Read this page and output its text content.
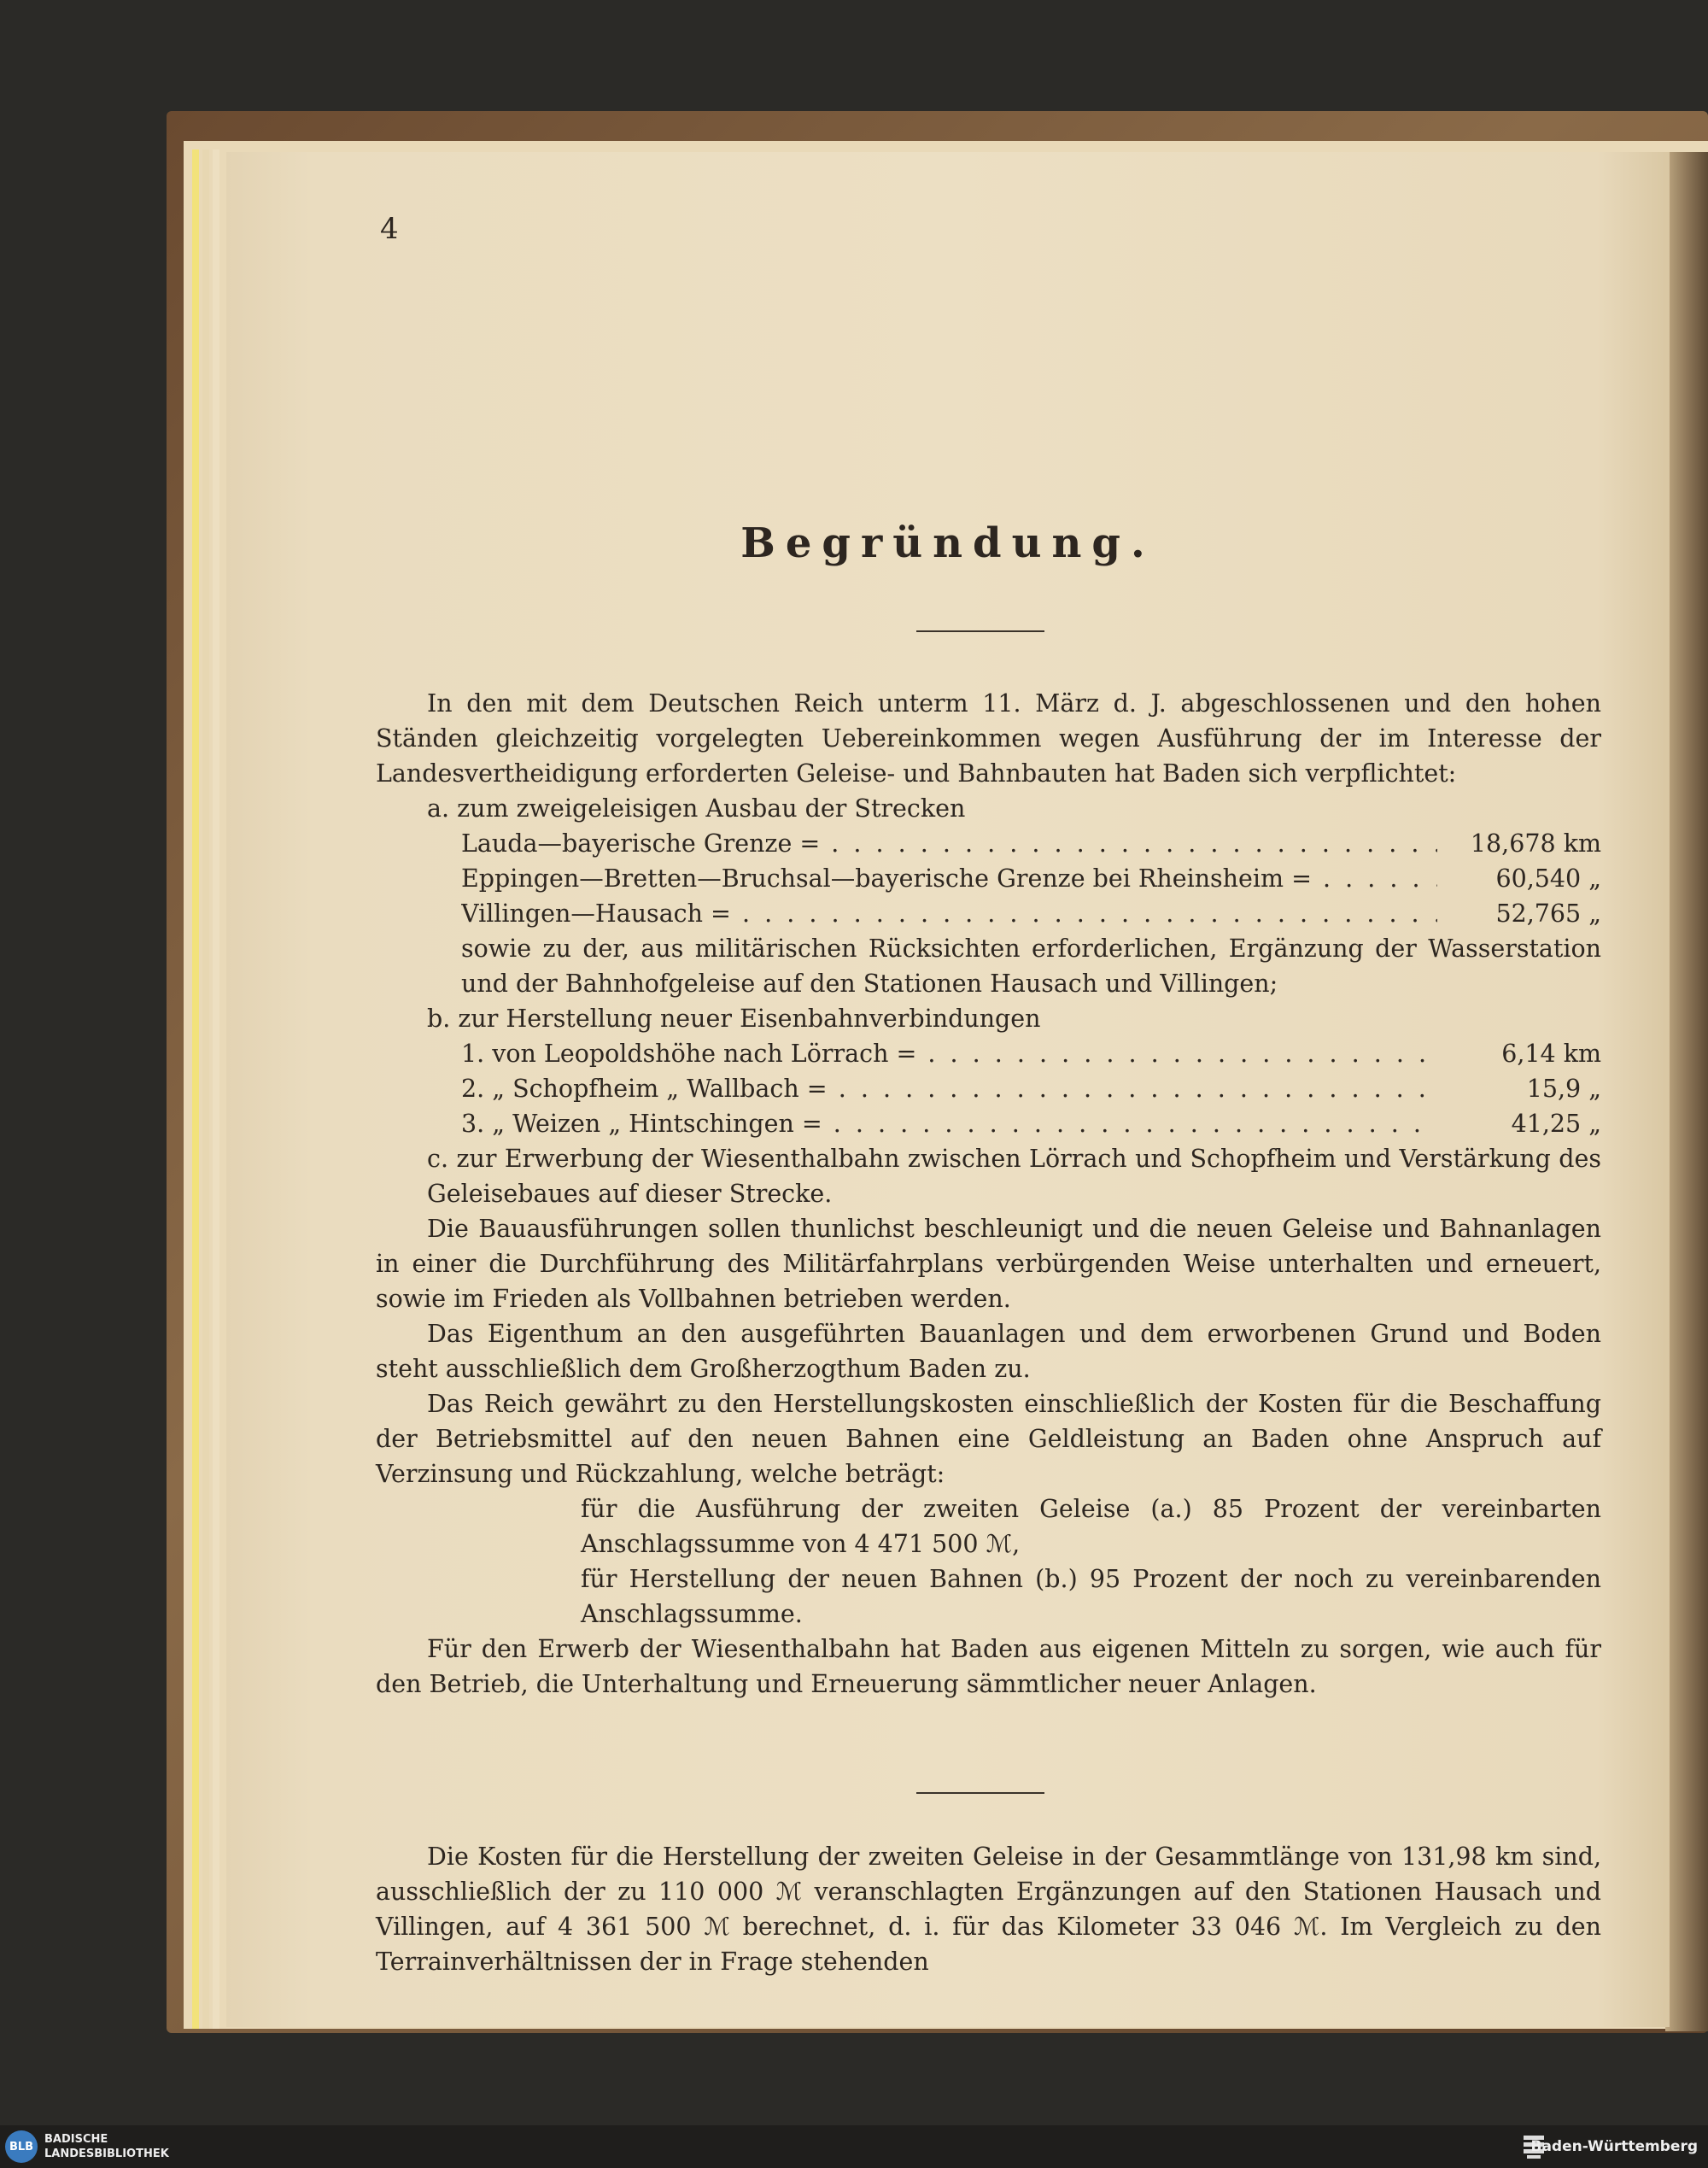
4
Begründung.

In den mit dem Deutschen Reich unterm 11. März d. J. abgeschlossenen und den hohen Ständen gleichzeitig vorgelegten Uebereinkommen wegen Ausführung der im Interesse der Landesvertheidigung erforderten Geleise- und Bahnbauten hat Baden sich verpflichtet:

a. zum zweigeleisigen Ausbau der Strecken

Lauda—bayerische Grenze = . . .	18,678 km
Eppingen—Bretten—Bruchsal—bayerische Grenze bei Rheinsheim = . . .	60,540 „
Villingen—Hausach = . . .	52,765 „

sowie zu der, aus militärischen Rücksichten erforderlichen, Ergänzung der Wasserstation und der Bahnhofgeleise auf den Stationen Hausach und Villingen;

b. zur Herstellung neuer Eisenbahnverbindungen

1. von Leopoldshöhe nach Lörrach = . . .	6,14 km
2. „ Schopfheim „ Wallbach = . . .	15,9 „
3. „ Weizen „ Hintschingen = . . .	41,25 „

c. zur Erwerbung der Wiesenthalbahn zwischen Lörrach und Schopfheim und Verstärkung des Geleisebaues auf dieser Strecke.

Die Bauausführungen sollen thunlichst beschleunigt und die neuen Geleise und Bahnanlagen in einer die Durchführung des Militärfahrplans verbürgenden Weise unterhalten und erneuert, sowie im Frieden als Vollbahnen betrieben werden.

Das Eigenthum an den ausgeführten Bauanlagen und dem erworbenen Grund und Boden steht ausschließlich dem Großherzogthum Baden zu.

Das Reich gewährt zu den Herstellungskosten einschließlich der Kosten für die Beschaffung der Betriebsmittel auf den neuen Bahnen eine Geldleistung an Baden ohne Anspruch auf Verzinsung und Rückzahlung, welche beträgt:

für die Ausführung der zweiten Geleise (a.) 85 Prozent der vereinbarten Anschlagssumme von 4 471 500 ℳ,

für Herstellung der neuen Bahnen (b.) 95 Prozent der noch zu vereinbarenden Anschlagssumme.

Für den Erwerb der Wiesenthalbahn hat Baden aus eigenen Mitteln zu sorgen, wie auch für den Betrieb, die Unterhaltung und Erneuerung sämmtlicher neuer Anlagen.

Die Kosten für die Herstellung der zweiten Geleise in der Gesammtlänge von 131,98 km sind, ausschließlich der zu 110 000 ℳ veranschlagten Ergänzungen auf den Stationen Hausach und Villingen, auf 4 361 500 ℳ berechnet, d. i. für das Kilometer 33 046 ℳ. Im Vergleich zu den Terrainverhältnissen der in Frage stehenden

BLB
BADISCHE
LANDESBIBLIOTHEK	Baden-Württemberg
